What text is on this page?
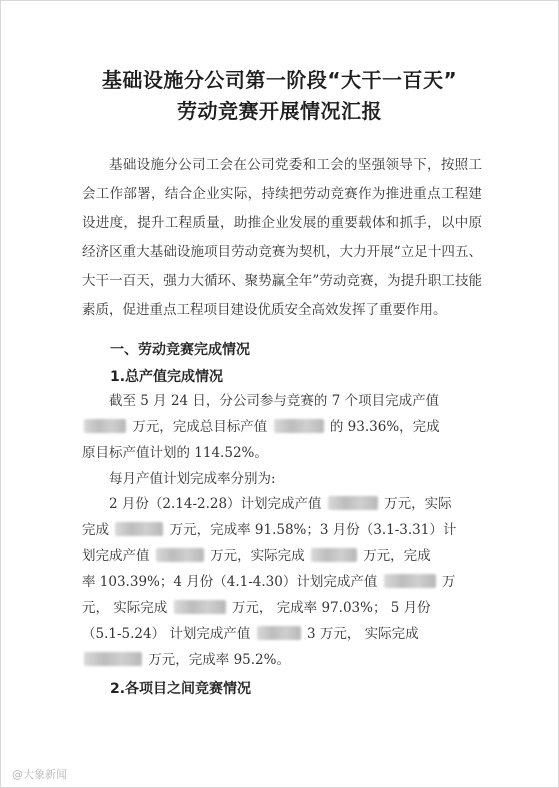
基础设施分公司第一阶段“大干一百天”
劳动竞赛开展情况汇报

基础设施分公司工会在公司党委和工会的坚强领导下，按照工会工作部署，结合企业实际，持续把劳动竞赛作为推进重点工程建设进度，提升工程质量，助推企业发展的重要载体和抓手，以中原经济区重大基础设施项目劳动竞赛为契机，大力开展“立足十四五、大干一百天，强力大循环、聚势赢全年”劳动竞赛，为提升职工技能素质，促进重点工程项目建设优质安全高效发挥了重要作用。

一、劳动竞赛完成情况
1.总产值完成情况
截至 5 月 24 日，分公司参与竞赛的 7 个项目完成产值
万元，完成总目标产值	的 93.36%，完成
原目标产值计划的 114.52%。
每月产值计划完成率分别为:
2 月份（2.14-2.28）计划完成产值	万元，实际
完成	万元，完成率 91.58%；3 月份（3.1-3.31）计
划完成产值	万元，实际完成	万元，完成
率 103.39%；4 月份（4.1-4.30）计划完成产值	万
元， 实际完成	万元， 完成率 97.03%； 5 月份
（5.1-5.24） 计划完成产值	3 万元， 实际完成
万元，完成率 95.2%。
2.各项目之间竞赛情况
@大象新闻
